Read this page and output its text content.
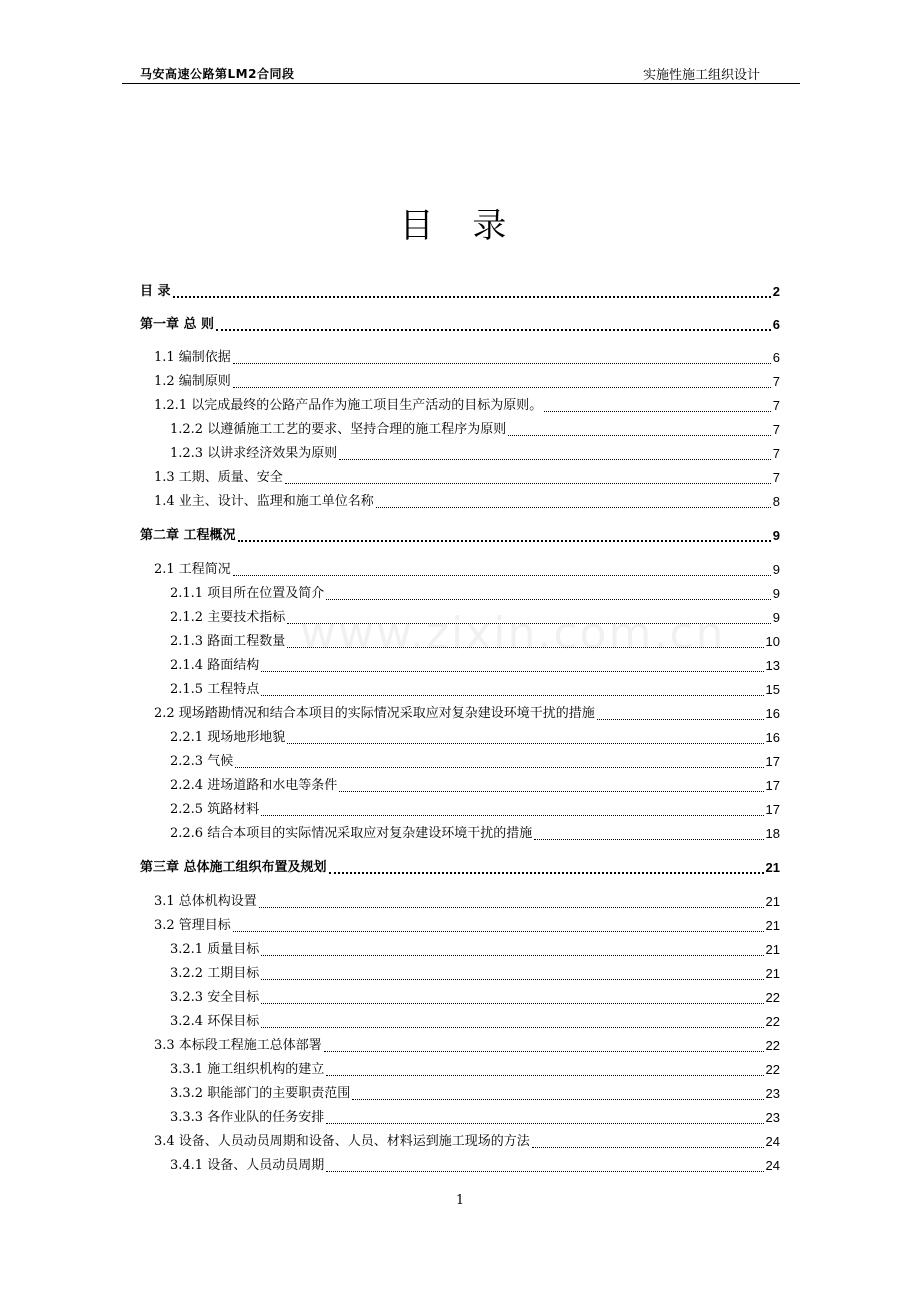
马安高速公路第LM2合同段	实施性施工组织设计
目 录
www.zixin.com.cn
目 录	2
第一章 总 则	6
1.1 编制依据	6
1.2 编制原则	7
1.2.1 以完成最终的公路产品作为施工项目生产活动的目标为原则。	7
1.2.2 以遵循施工工艺的要求、坚持合理的施工程序为原则	7
1.2.3 以讲求经济效果为原则	7
1.3 工期、质量、安全	7
1.4 业主、设计、监理和施工单位名称	8
第二章 工程概况	9
2.1 工程简况	9
2.1.1 项目所在位置及简介	9
2.1.2 主要技术指标	9
2.1.3 路面工程数量	10
2.1.4 路面结构	13
2.1.5 工程特点	15
2.2 现场踏勘情况和结合本项目的实际情况采取应对复杂建设环境干扰的措施	16
2.2.1 现场地形地貌	16
2.2.3 气候	17
2.2.4 进场道路和水电等条件	17
2.2.5 筑路材料	17
2.2.6 结合本项目的实际情况采取应对复杂建设环境干扰的措施	18
第三章 总体施工组织布置及规划	21
3.1 总体机构设置	21
3.2 管理目标	21
3.2.1 质量目标	21
3.2.2 工期目标	21
3.2.3 安全目标	22
3.2.4 环保目标	22
3.3 本标段工程施工总体部署	22
3.3.1 施工组织机构的建立	22
3.3.2 职能部门的主要职责范围	23
3.3.3 各作业队的任务安排	23
3.4 设备、人员动员周期和设备、人员、材料运到施工现场的方法	24
3.4.1 设备、人员动员周期	24
1
